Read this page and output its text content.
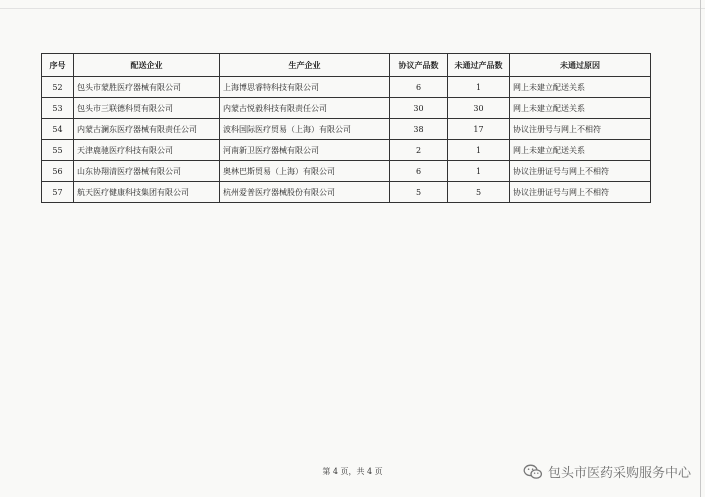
序号	配送企业	生产企业	协议产品数	未通过产品数	未通过原因
52	包头市蒙胜医疗器械有限公司	上海博思睿特科技有限公司	6	1	网上未建立配送关系
53	包头市三联德科贸有限公司	内蒙古悦毅科技有限责任公司	30	30	网上未建立配送关系
54	内蒙古澜东医疗器械有限责任公司	波科国际医疗贸易（上海）有限公司	38	17	协议注册号与网上不相符
55	天津鹿驰医疗科技有限公司	河南新卫医疗器械有限公司	2	1	网上未建立配送关系
56	山东协翔清医疗器械有限公司	奥林巴斯贸易（上海）有限公司	6	1	协议注册证号与网上不相符
57	航天医疗健康科技集团有限公司	杭州爱普医疗器械股份有限公司	5	5	协议注册证号与网上不相符
第 4 页，共 4 页	包头市医药采购服务中心
